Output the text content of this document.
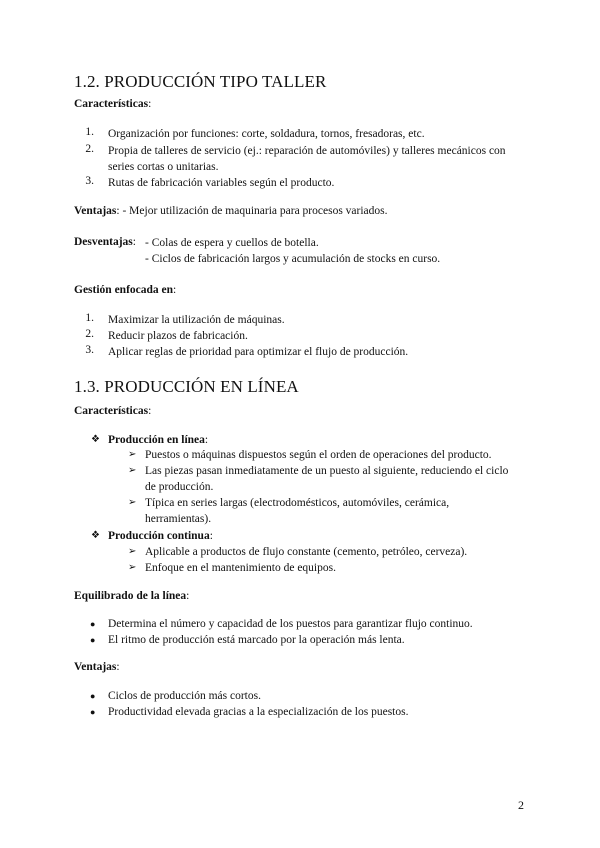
1.2. PRODUCCIÓN TIPO TALLER
Características:
1. Organización por funciones: corte, soldadura, tornos, fresadoras, etc.
2. Propia de talleres de servicio (ej.: reparación de automóviles) y talleres mecánicos con
series cortas o unitarias.
3. Rutas de fabricación variables según el producto.
Ventajas: - Mejor utilización de maquinaria para procesos variados.
Desventajas: - Colas de espera y cuellos de botella.
- Ciclos de fabricación largos y acumulación de stocks en curso.
Gestión enfocada en:
1. Maximizar la utilización de máquinas.
2. Reducir plazos de fabricación.
3. Aplicar reglas de prioridad para optimizar el flujo de producción.
1.3. PRODUCCIÓN EN LÍNEA
Características:
❖ Producción en línea:
➢ Puestos o máquinas dispuestos según el orden de operaciones del producto.
➢ Las piezas pasan inmediatamente de un puesto al siguiente, reduciendo el ciclo
de producción.
➢ Típica en series largas (electrodomésticos, automóviles, cerámica,
herramientas).
❖ Producción continua:
➢ Aplicable a productos de flujo constante (cemento, petróleo, cerveza).
➢ Enfoque en el mantenimiento de equipos.
Equilibrado de la línea:
● Determina el número y capacidad de los puestos para garantizar flujo continuo.
● El ritmo de producción está marcado por la operación más lenta.
Ventajas:
● Ciclos de producción más cortos.
● Productividad elevada gracias a la especialización de los puestos.
2
